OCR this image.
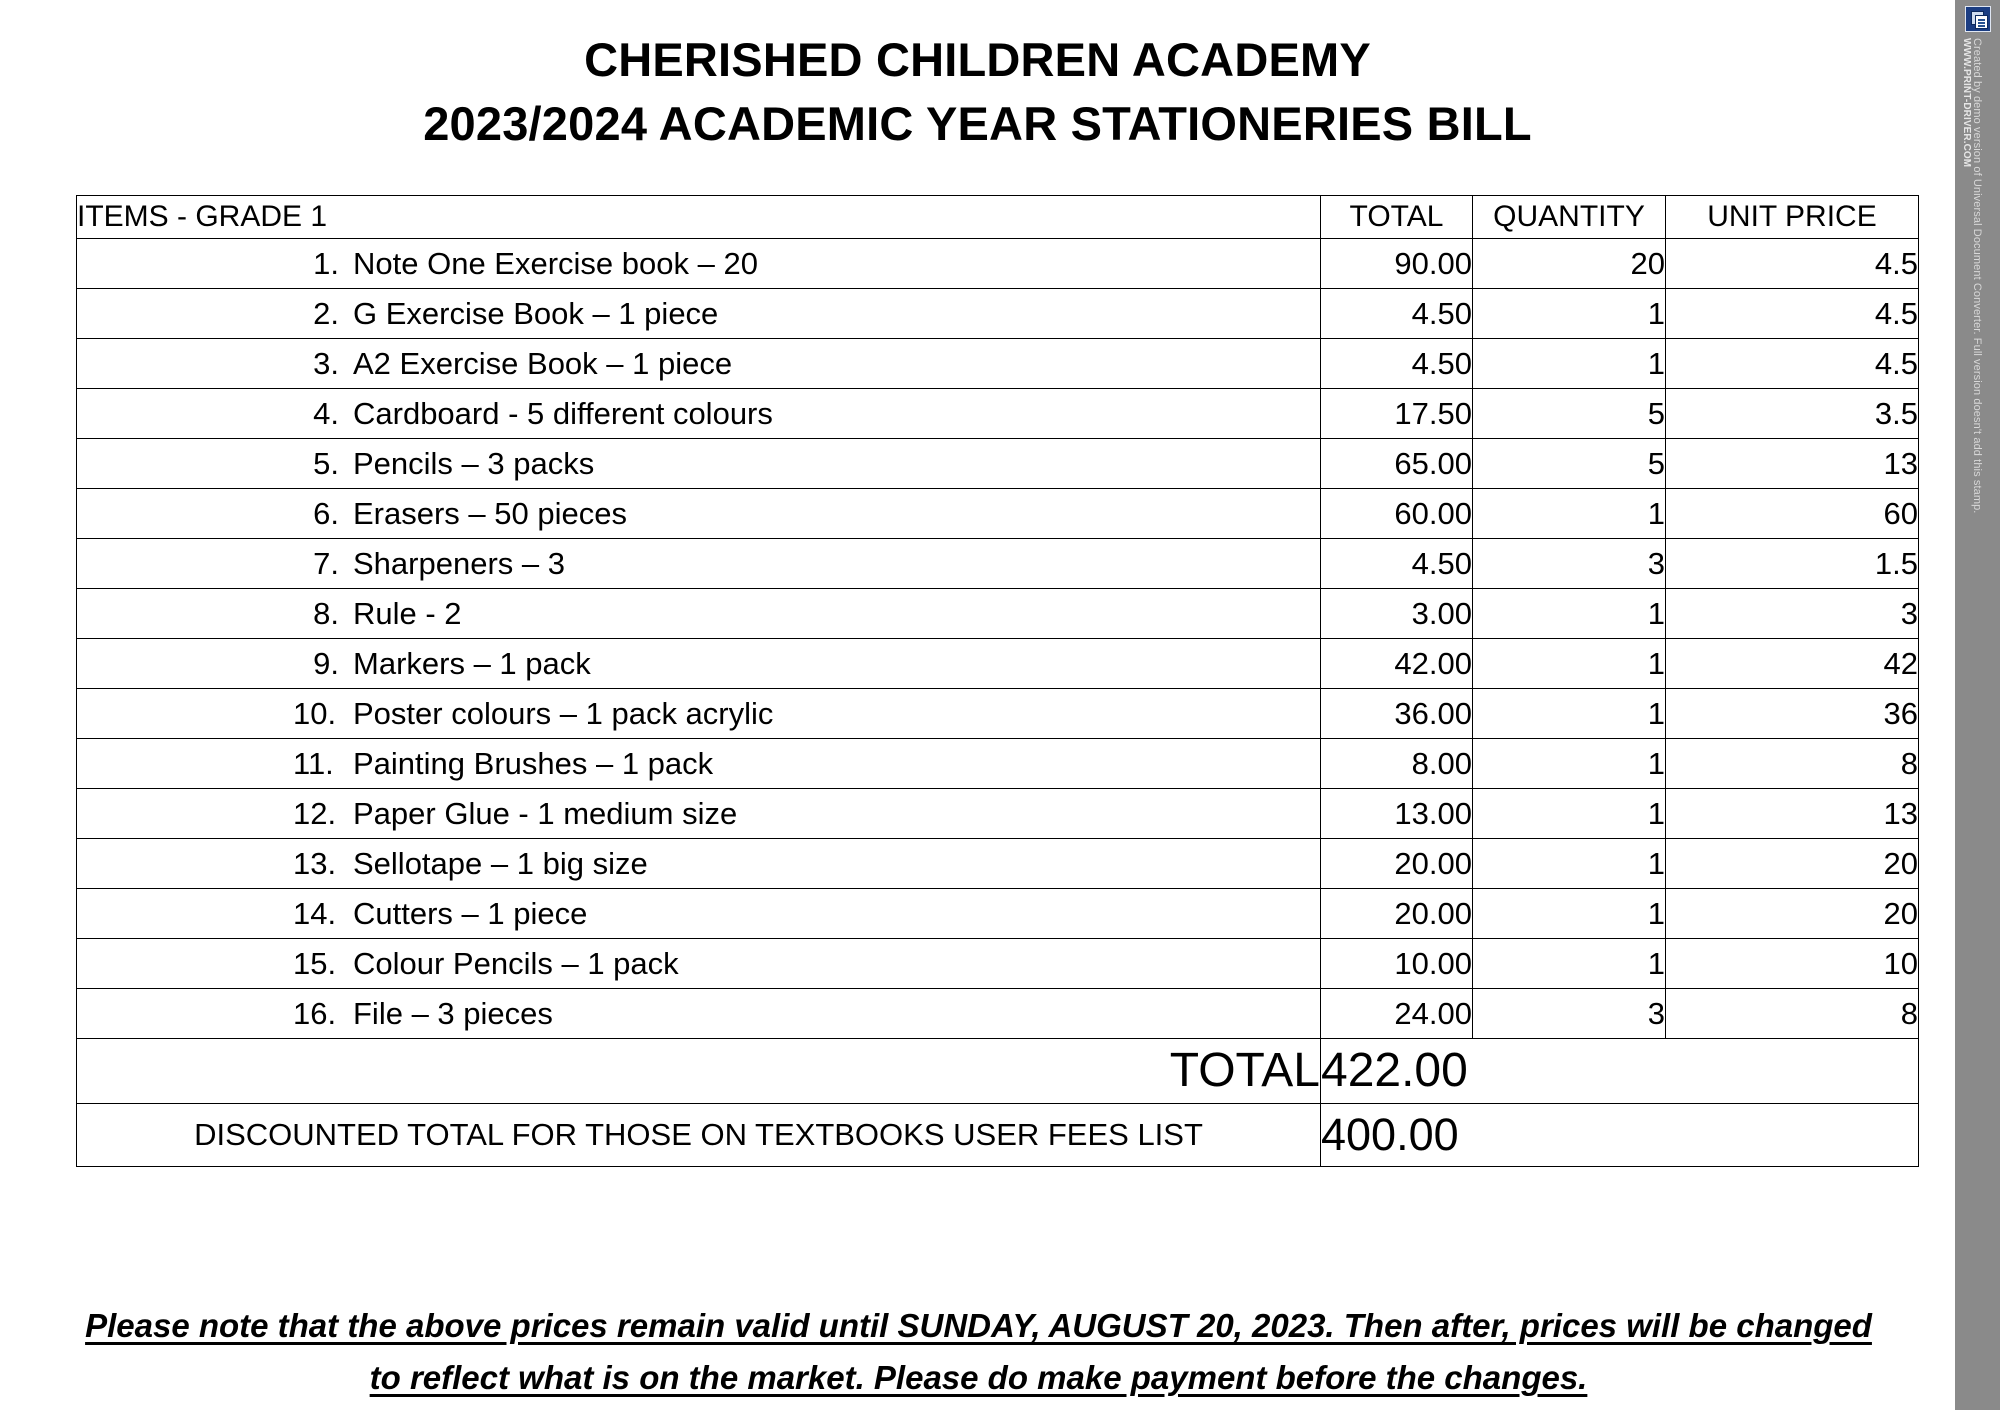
CHERISHED CHILDREN ACADEMY
2023/2024 ACADEMIC YEAR STATIONERIES BILL
ITEMS - GRADE 1	TOTAL	QUANTITY	UNIT PRICE

1. Note One Exercise book – 20	90.00	20	4.5

2. G Exercise Book – 1 piece	4.50	1	4.5

3. A2 Exercise Book – 1 piece	4.50	1	4.5

4. Cardboard - 5 different colours	17.50	5	3.5

5. Pencils – 3 packs	65.00	5	13

6. Erasers – 50 pieces	60.00	1	60

7. Sharpeners – 3	4.50	3	1.5

8. Rule - 2	3.00	1	3

9. Markers – 1 pack	42.00	1	42

10. Poster colours – 1 pack acrylic	36.00	1	36

11. Painting Brushes – 1 pack	8.00	1	8

12. Paper Glue - 1 medium size	13.00	1	13

13. Sellotape – 1 big size	20.00	1	20

14. Cutters – 1 piece	20.00	1	20

15. Colour Pencils – 1 pack	10.00	1	10

16. File – 3 pieces	24.00	3	8
TOTAL	422.00		
DISCOUNTED TOTAL FOR THOSE ON TEXTBOOKS USER FEES LIST	400.00		
Please note that the above prices remain valid until SUNDAY, AUGUST 20, 2023. Then after, prices will be changed
to reflect what is on the market. Please do make payment before the changes.
Created by demo version of Universal Document Converter. Full version doesn't add this stamp.
WWW.PRINT-DRIVER.COM
